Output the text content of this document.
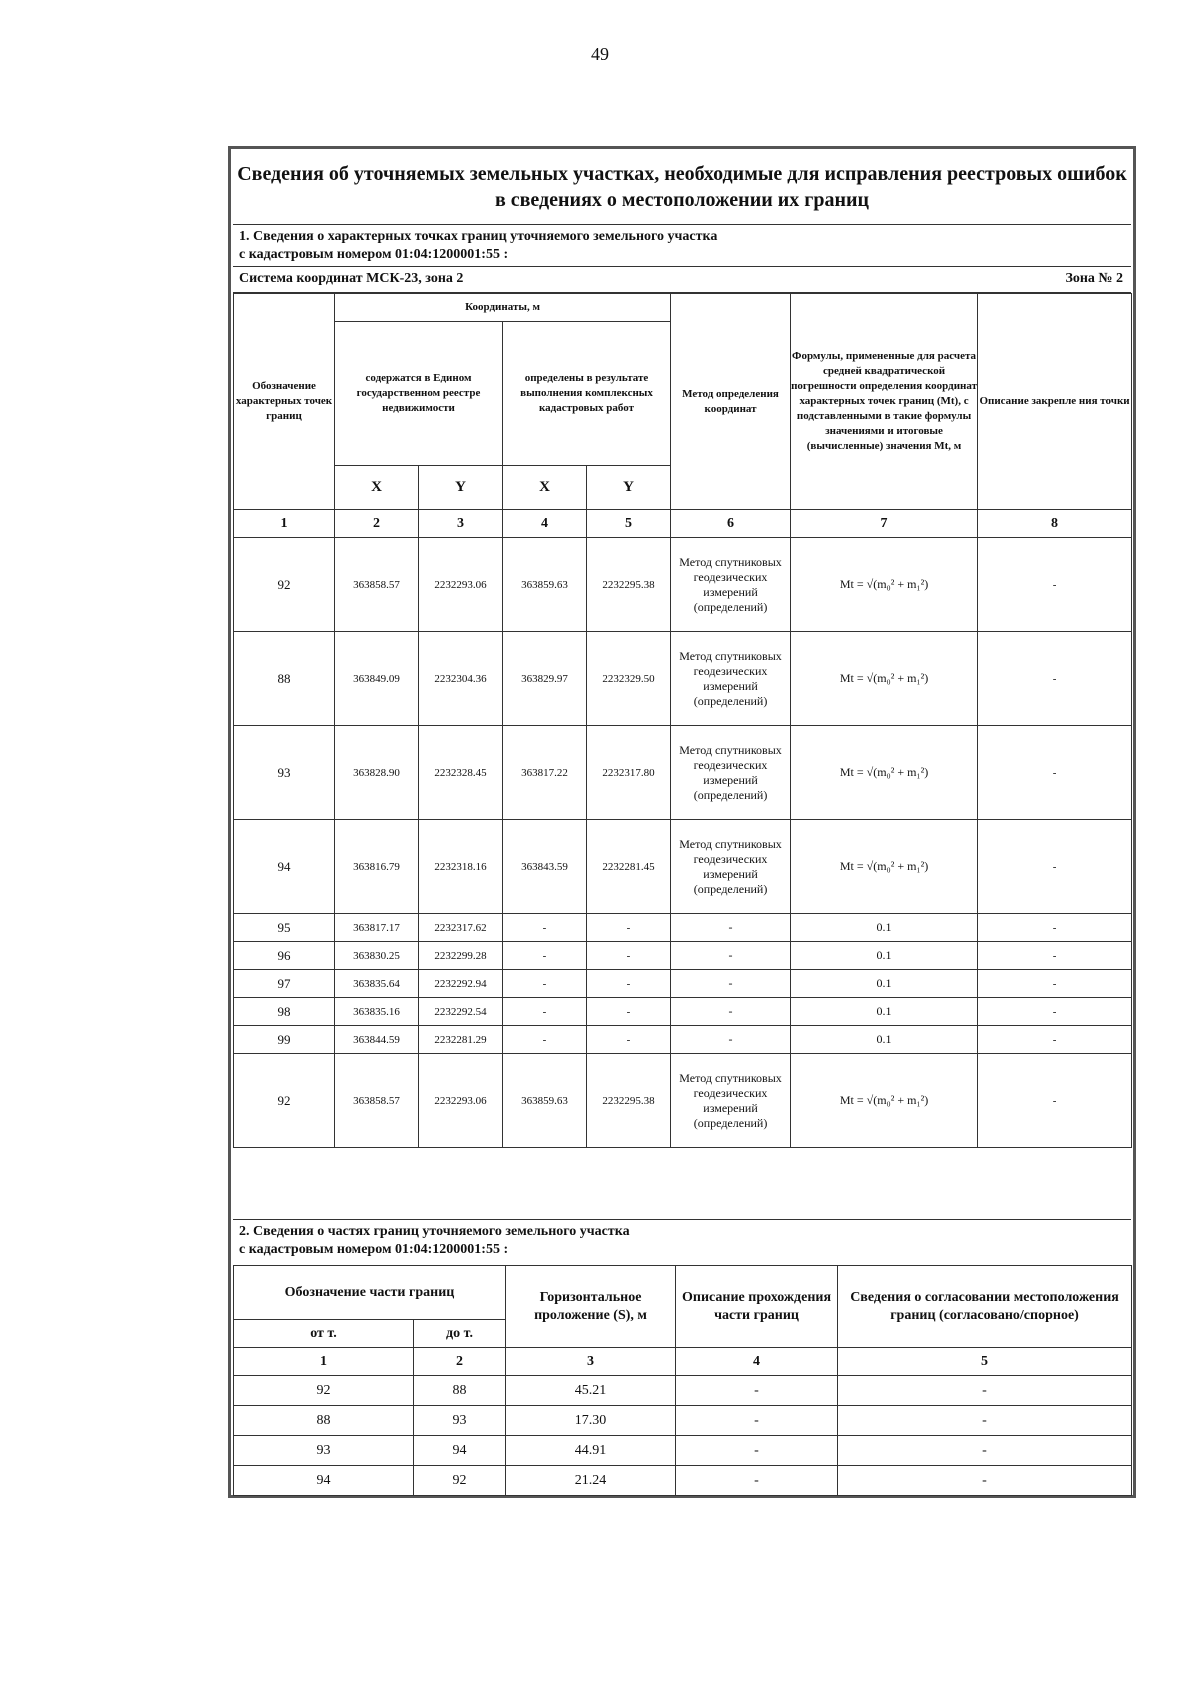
49
Сведения об уточняемых земельных участках, необходимые для исправления реестровых ошибок в сведениях о местоположении их границ
1. Сведения о характерных точках границ уточняемого земельного участка
с кадастровым номером 01:04:1200001:55 :
Система координат МСК-23, зона 2	Зона № 2
Обозначение характерных точек границ	Координаты, м				Метод определения координат	Формулы, примененные для расчета средней квадратической погрешности определения координат характерных точек границ (Mt), с подставленными в такие формулы значениями и итоговые (вычисленные) значения Mt, м	Описание закрепле ния точки
	содержатся в Едином государственном реестре недвижимости		определены в результате выполнения комплексных кадастровых работ				
	X	Y	X	Y			
1	2	3	4	5	6	7	8
92	363858.57	2232293.06	363859.63	2232295.38	Метод спутниковых геодезических измерений (определений)	Mt = √(m₀² + m₁²)	-
88	363849.09	2232304.36	363829.97	2232329.50	Метод спутниковых геодезических измерений (определений)	Mt = √(m₀² + m₁²)	-
93	363828.90	2232328.45	363817.22	2232317.80	Метод спутниковых геодезических измерений (определений)	Mt = √(m₀² + m₁²)	-
94	363816.79	2232318.16	363843.59	2232281.45	Метод спутниковых геодезических измерений (определений)	Mt = √(m₀² + m₁²)	-
95	363817.17	2232317.62	-	-	-	0.1	-
96	363830.25	2232299.28	-	-	-	0.1	-
97	363835.64	2232292.94	-	-	-	0.1	-
98	363835.16	2232292.54	-	-	-	0.1	-
99	363844.59	2232281.29	-	-	-	0.1	-
92	363858.57	2232293.06	363859.63	2232295.38	Метод спутниковых геодезических измерений (определений)	Mt = √(m₀² + m₁²)	-
2. Сведения о частях границ уточняемого земельного участка
с кадастровым номером 01:04:1200001:55 :
Обозначение части границ		Горизонтальное проложение (S), м	Описание прохождения части границ	Сведения о согласовании местоположения границ (согласовано/спорное)
от т.	до т.			
1	2	3	4	5
92	88	45.21	-	-
88	93	17.30	-	-
93	94	44.91	-	-
94	92	21.24	-	-
